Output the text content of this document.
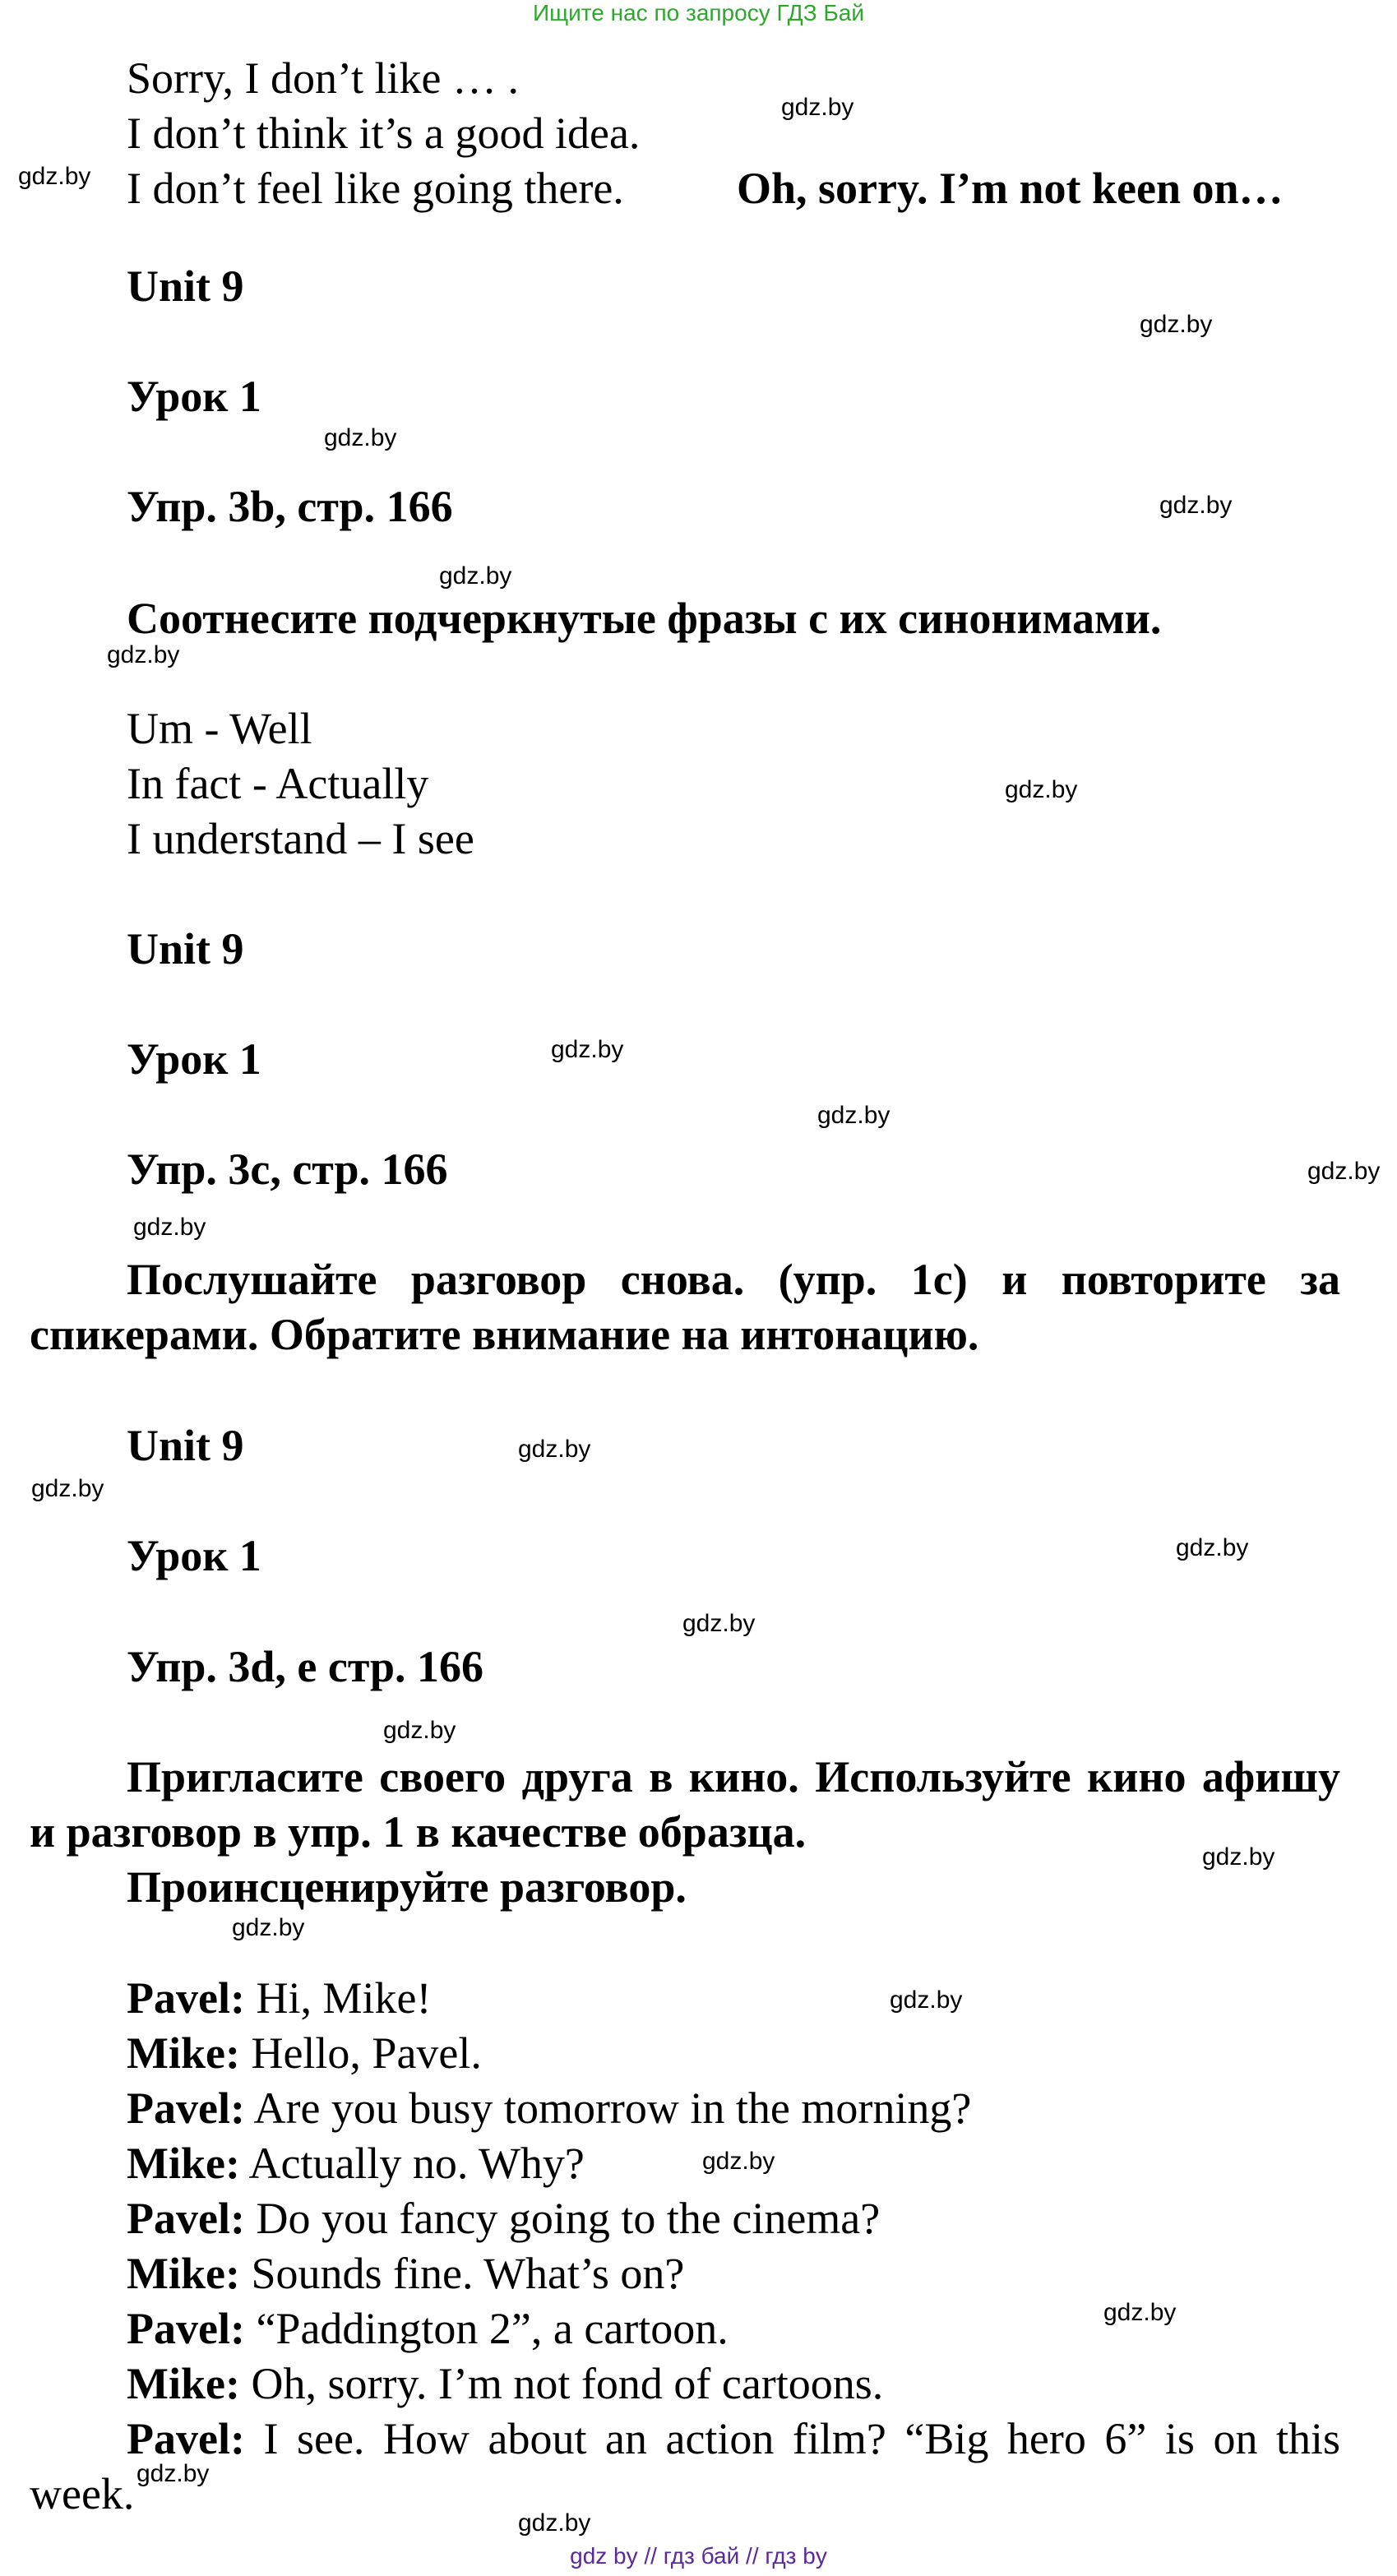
Ищите нас по запросу ГДЗ Бай
Sorry, I don’t like … .
I don’t think it’s a good idea.
I don’t feel like going there.	Oh, sorry. I’m not keen on…
Unit 9
Урок 1
Упр. 3b, стр. 166
Соотнесите подчеркнутые фразы с их синонимами.
Um - Well
In fact - Actually
I understand – I see
Unit 9
Урок 1
Упр. 3c, стр. 166
Послушайте разговор снова. (упр. 1c) и повторите за спикерами. Обратите внимание на интонацию.
Unit 9
Урок 1
Упр. 3d, e стр. 166
Пригласите своего друга в кино. Используйте кино афишу и разговор в упр. 1 в качестве образца.
Проинсценируйте разговор.
Pavel: Hi, Mike!
Mike: Hello, Pavel.
Pavel: Are you busy tomorrow in the morning?
Mike: Actually no. Why?
Pavel: Do you fancy going to the cinema?
Mike: Sounds fine. What’s on?
Pavel: “Paddington 2”, a cartoon.
Mike: Oh, sorry. I’m not fond of cartoons.
Pavel: I see. How about an action film? “Big hero 6” is on this week.
gdz.by
gdz.by
gdz.by
gdz.by
gdz.by
gdz.by
gdz.by
gdz.by
gdz.by
gdz.by
gdz.by
gdz.by
gdz.by
gdz.by
gdz.by
gdz.by
gdz.by
gdz.by
gdz.by
gdz.by
gdz.by
gdz.by
gdz.by
gdz.by
gdz by // гдз бай // гдз by
